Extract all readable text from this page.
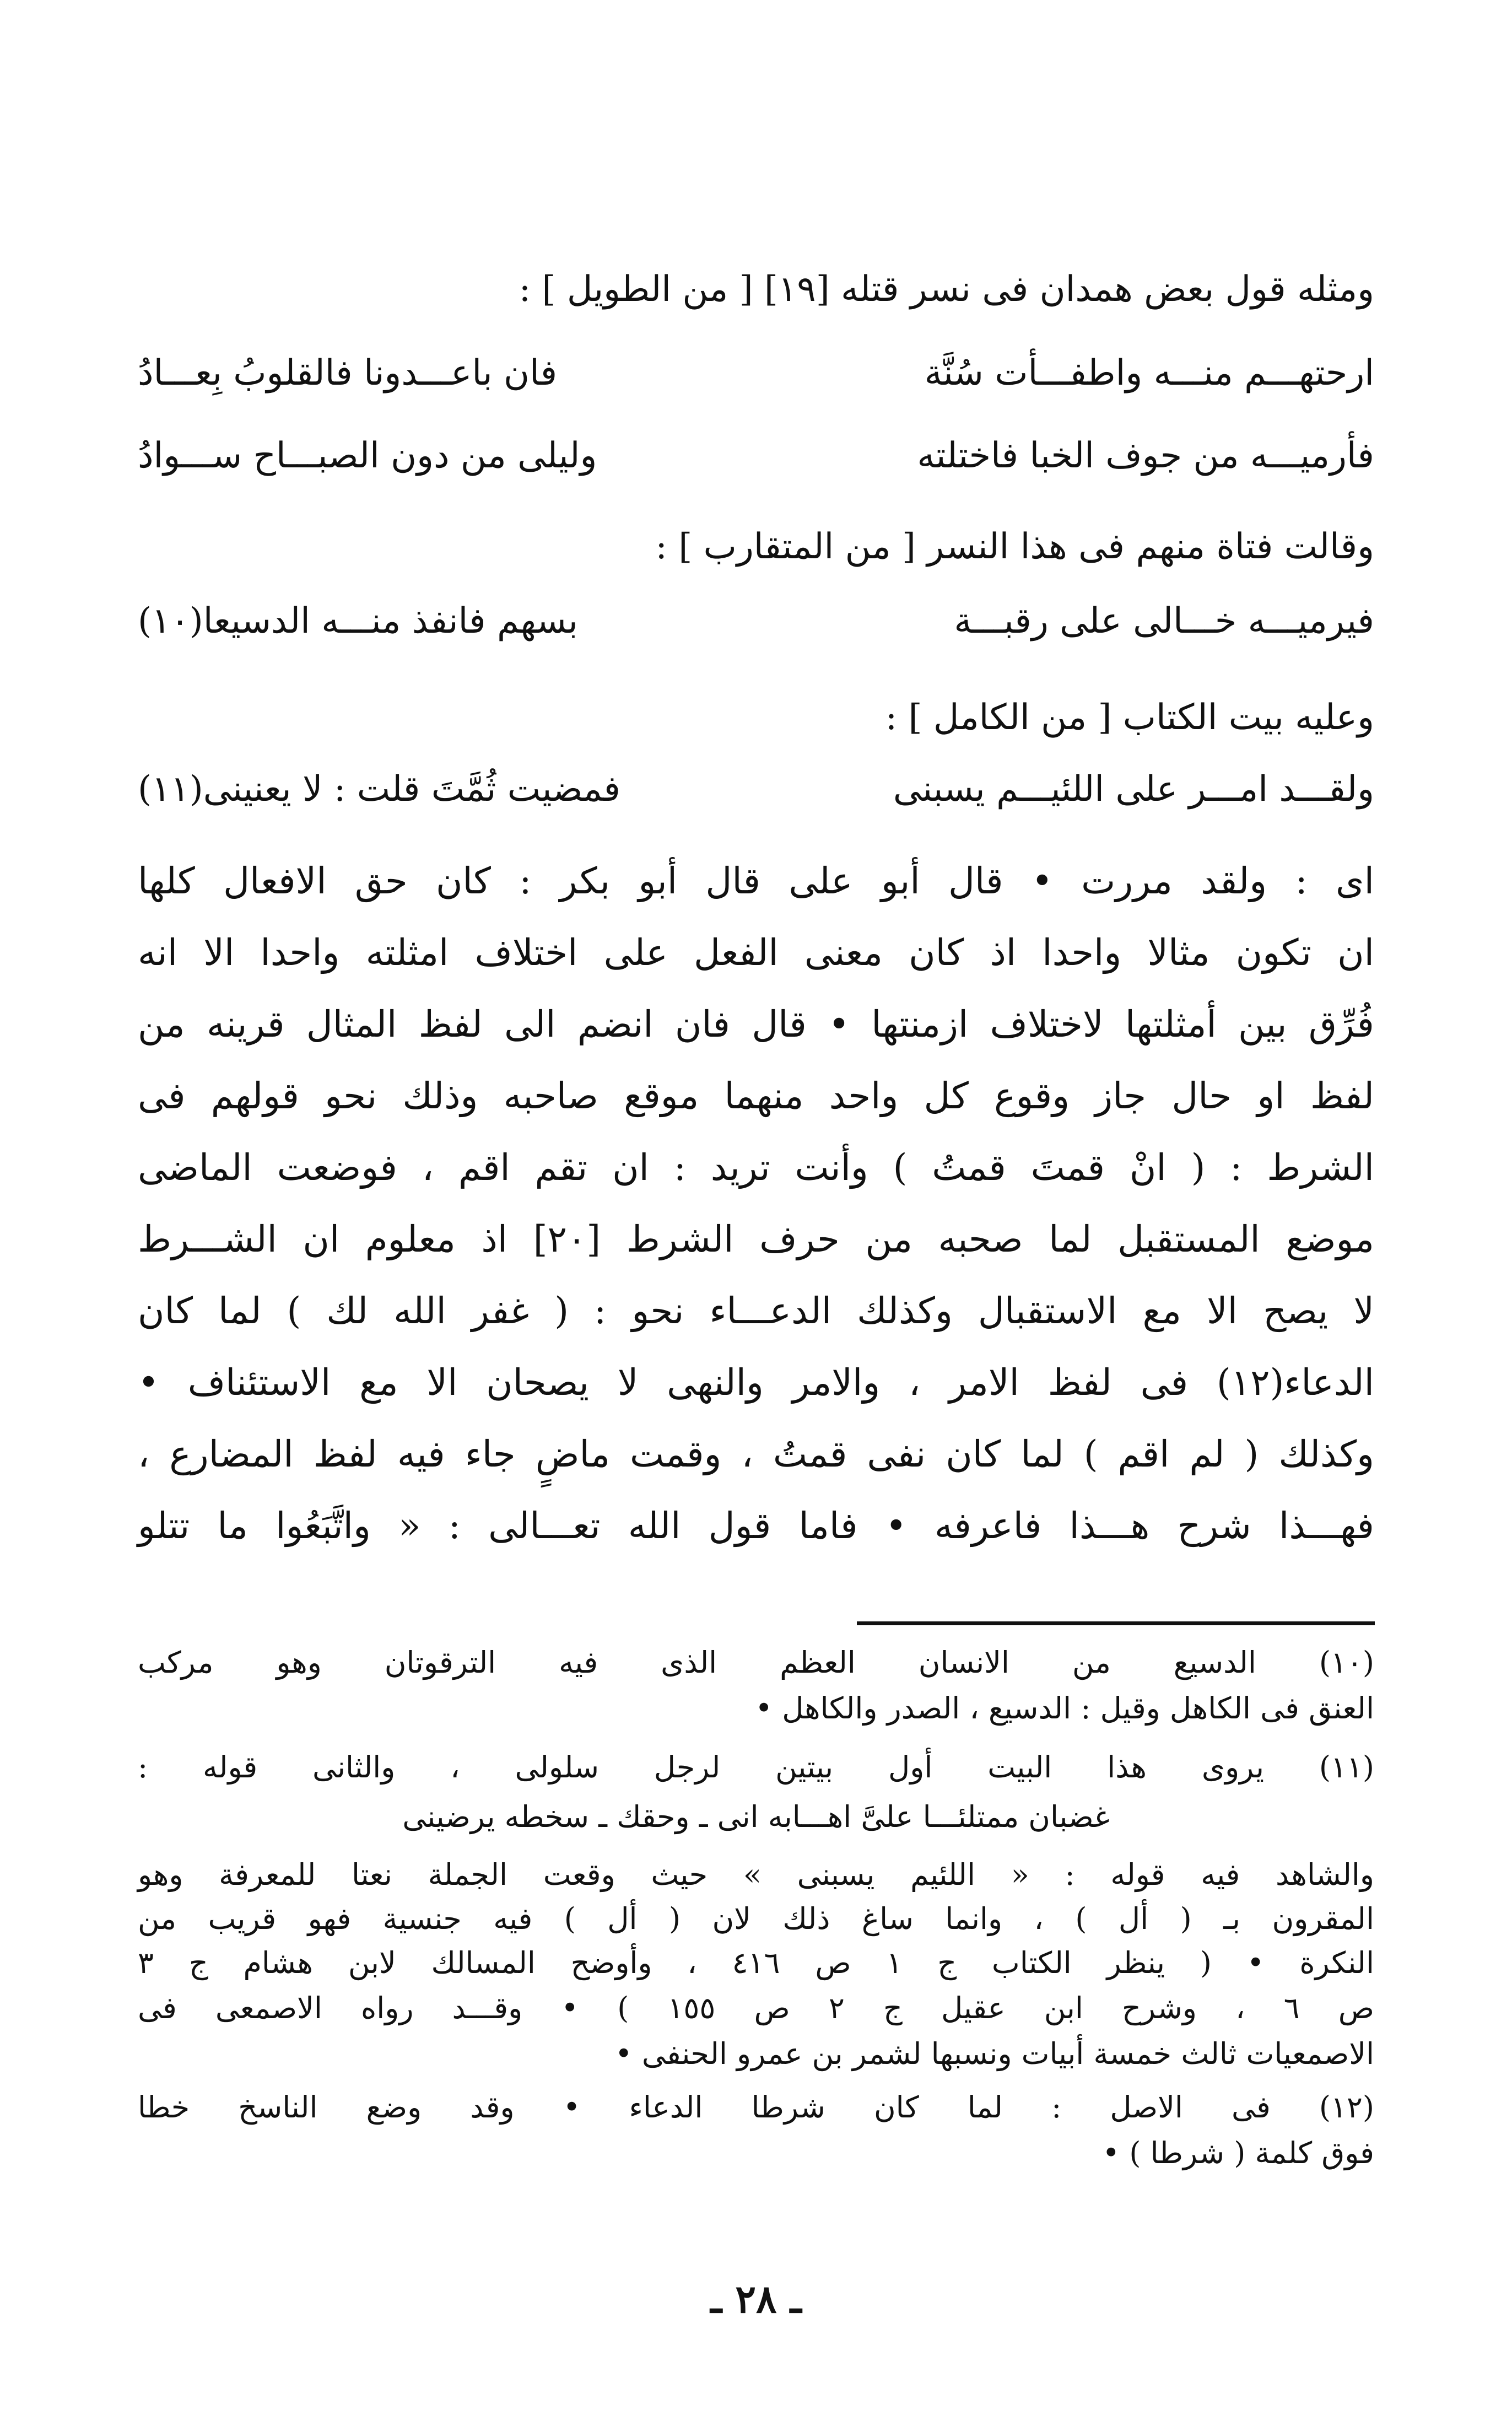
ومثله قول بعض همدان فى نسر قتله [١٩] [ من الطويل ] :
ارحتهـــم منـــه واطفـــأت سُنَّة
فان باعـــدونا فالقلوبُ بِعـــادُ
فأرميـــه من جوف الخبا فاختلته
وليلى من دون الصبـــاح ســـوادُ
وقالت فتاة منهم فى هذا النسر [ من المتقارب ] :
فيرميـــه خـــالى على رقبـــة
بسهم فانفذ منـــه الدسيعا(١٠)
وعليه بيت الكتاب [ من الكامل ] :
ولقـــد امـــر على اللئيـــم يسبنى
فمضيت ثُمَّتَ قلت : لا يعنينى(١١)
اى : ولقد مررت • قال أبو على قال أبو بكر : كان حق الافعال كلها
ان تكون مثالا واحدا اذ كان معنى الفعل على اختلاف امثلته واحدا الا انه
فُرِّق بين أمثلتها لاختلاف ازمنتها • قال فان انضم الى لفظ المثال قرينه من
لفظ او حال جاز وقوع كل واحد منهما موقع صاحبه وذلك نحو قولهم فى
الشرط : ( انْ قمتَ قمتُ ) وأنت تريد : ان تقم اقم ، فوضعت الماضى
موضع المستقبل لما صحبه من حرف الشرط [٢٠] اذ معلوم ان الشـــرط
لا يصح الا مع الاستقبال وكذلك الدعـــاء نحو : ( غفر الله لك ) لما كان
الدعاء(١٢) فى لفظ الامر ، والامر والنهى لا يصحان الا مع الاستئناف •
وكذلك ( لم اقم ) لما كان نفى قمتُ ، وقمت ماضٍ جاء فيه لفظ المضارع ،
فهـــذا شرح هـــذا فاعرفه • فاما قول الله تعـــالى : « واتَّبَعُوا ما تتلو
(١٠) الدسيع من الانسان العظم الذى فيه الترقوتان وهو مركب
العنق فى الكاهل وقيل : الدسيع ، الصدر والكاهل •
(١١) يروى هذا البيت أول بيتين لرجل سلولى ، والثانى قوله :
غضبان ممتلئـــا علىَّ اهـــابه انى ـ وحقك ـ سخطه يرضينى
والشاهد فيه قوله : « اللئيم يسبنى » حيث وقعت الجملة نعتا للمعرفة وهو
المقرون بـ ( أل ) ، وانما ساغ ذلك لان ( أل ) فيه جنسية فهو قريب من
النكرة • ( ينظر الكتاب ج ١ ص ٤١٦ ، وأوضح المسالك لابن هشام ج ٣
ص ٦ ، وشرح ابن عقيل ج ٢ ص ١٥٥ ) • وقـــد رواه الاصمعى فى
الاصمعيات ثالث خمسة أبيات ونسبها لشمر بن عمرو الحنفى •
(١٢) فى الاصل : لما كان شرطا الدعاء • وقد وضع الناسخ خطا
فوق كلمة ( شرطا ) •
ـ ٢٨ ـ
